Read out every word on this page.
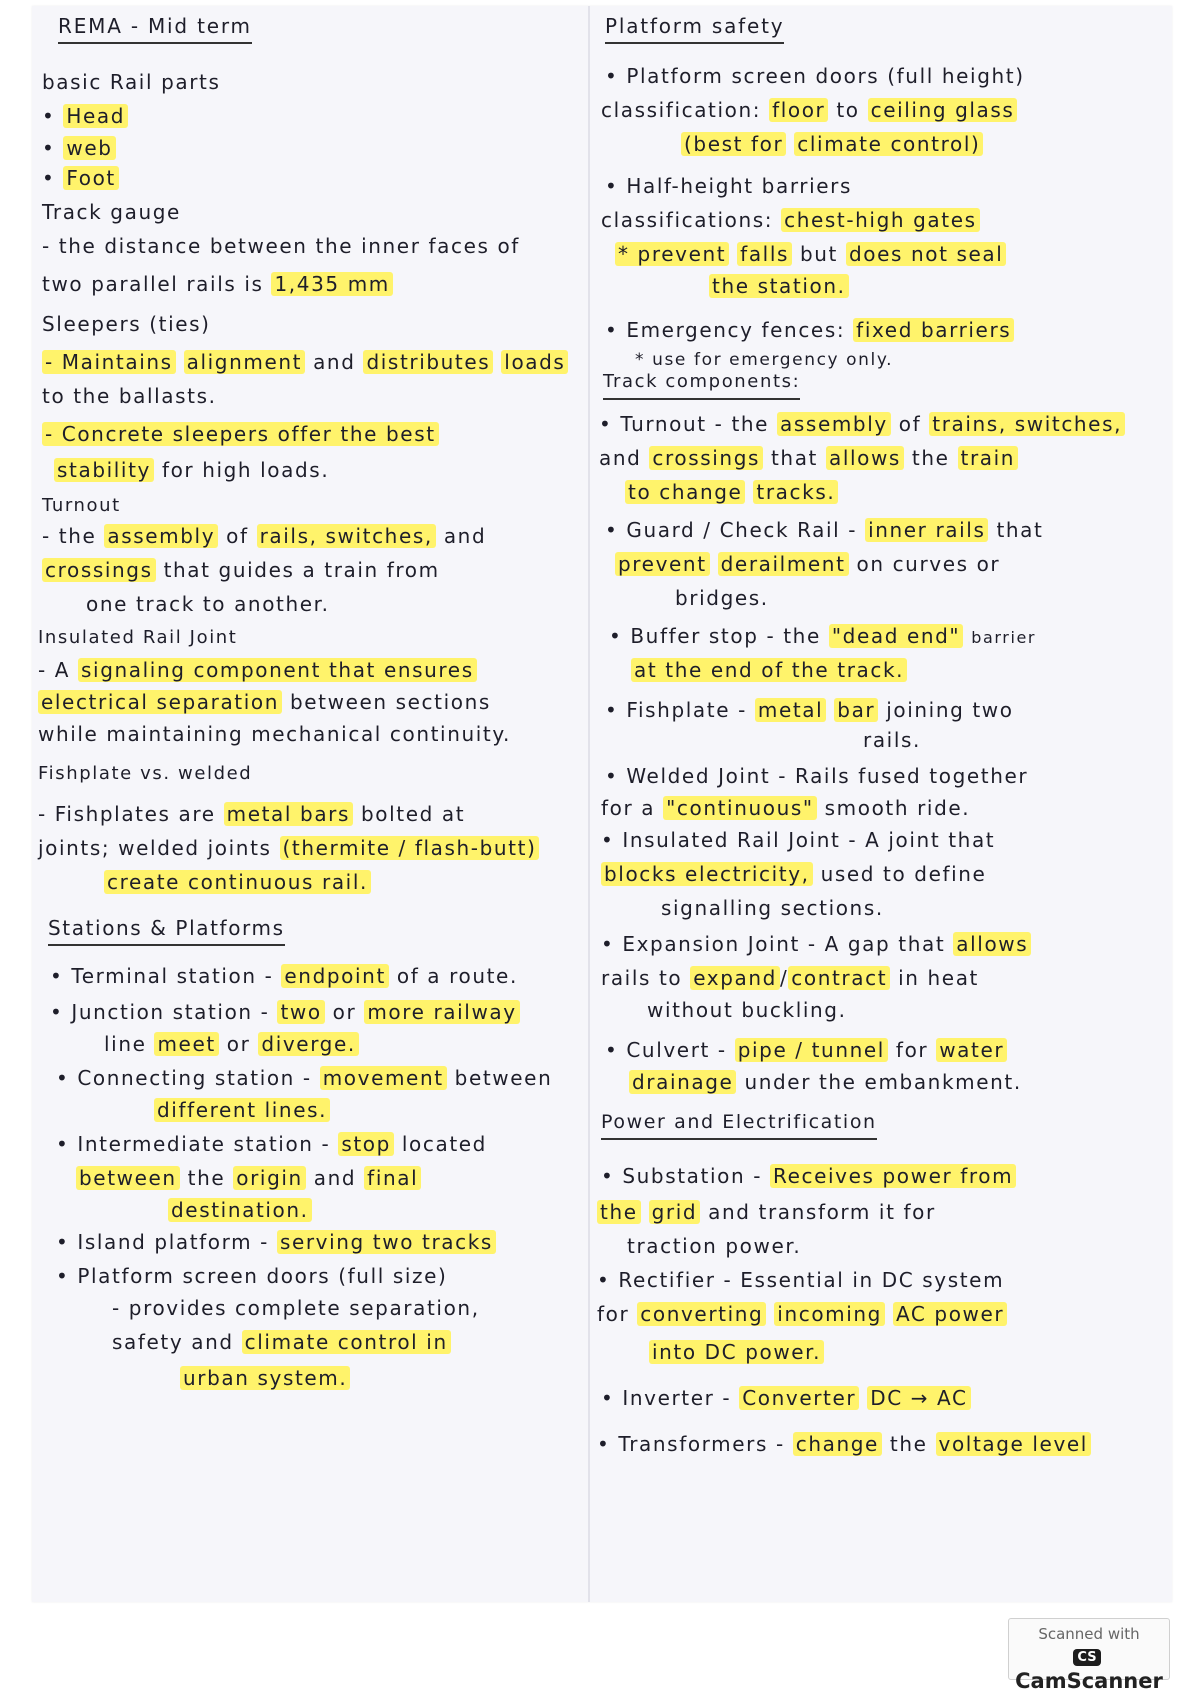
REMA - Mid term
basic Rail parts
• Head
• web
• Foot
Track gauge
- the distance between the inner faces of
two parallel rails is 1,435 mm
Sleepers (ties)
- Maintains alignment and distributes loads
to the ballasts.
- Concrete sleepers offer the best
stability for high loads.
Turnout
- the assembly of rails, switches, and
crossings that guides a train from
one track to another.
Insulated Rail Joint
- A signaling component that ensures
electrical separation between sections
while maintaining mechanical continuity.
Fishplate vs. welded
- Fishplates are metal bars bolted at
joints; welded joints (thermite / flash-butt)
create continuous rail.
Stations & Platforms
• Terminal station - endpoint of a route.
• Junction station - two or more railway
line meet or diverge.
• Connecting station - movement between
different lines.
• Intermediate station - stop located
between the origin and final
destination.
• Island platform - serving two tracks
• Platform screen doors (full size)
- provides complete separation,
safety and climate control in
urban system.
Platform safety
• Platform screen doors (full height)
classification: floor to ceiling glass
(best for climate control)
• Half-height barriers
classifications: chest-high gates
* prevent falls but does not seal
the station.
• Emergency fences: fixed barriers
* use for emergency only.
Track components:
• Turnout - the assembly of trains, switches,
and crossings that allows the train
to change tracks.
• Guard / Check Rail - inner rails that
prevent derailment on curves or
bridges.
• Buffer stop - the "dead end" barrier
at the end of the track.
• Fishplate - metal bar joining two
rails.
• Welded Joint - Rails fused together
for a "continuous" smooth ride.
• Insulated Rail Joint - A joint that
blocks electricity, used to define
signalling sections.
• Expansion Joint - A gap that allows
rails to expand / contract in heat
without buckling.
• Culvert - pipe / tunnel for water
drainage under the embankment.
Power and Electrification
• Substation - Receives power from
the grid and transform it for
traction power.
• Rectifier - Essential in DC system
for converting incoming AC power
into DC power.
• Inverter - Converter DC → AC
• Transformers - change the voltage level
Scanned with
CSCamScanner
